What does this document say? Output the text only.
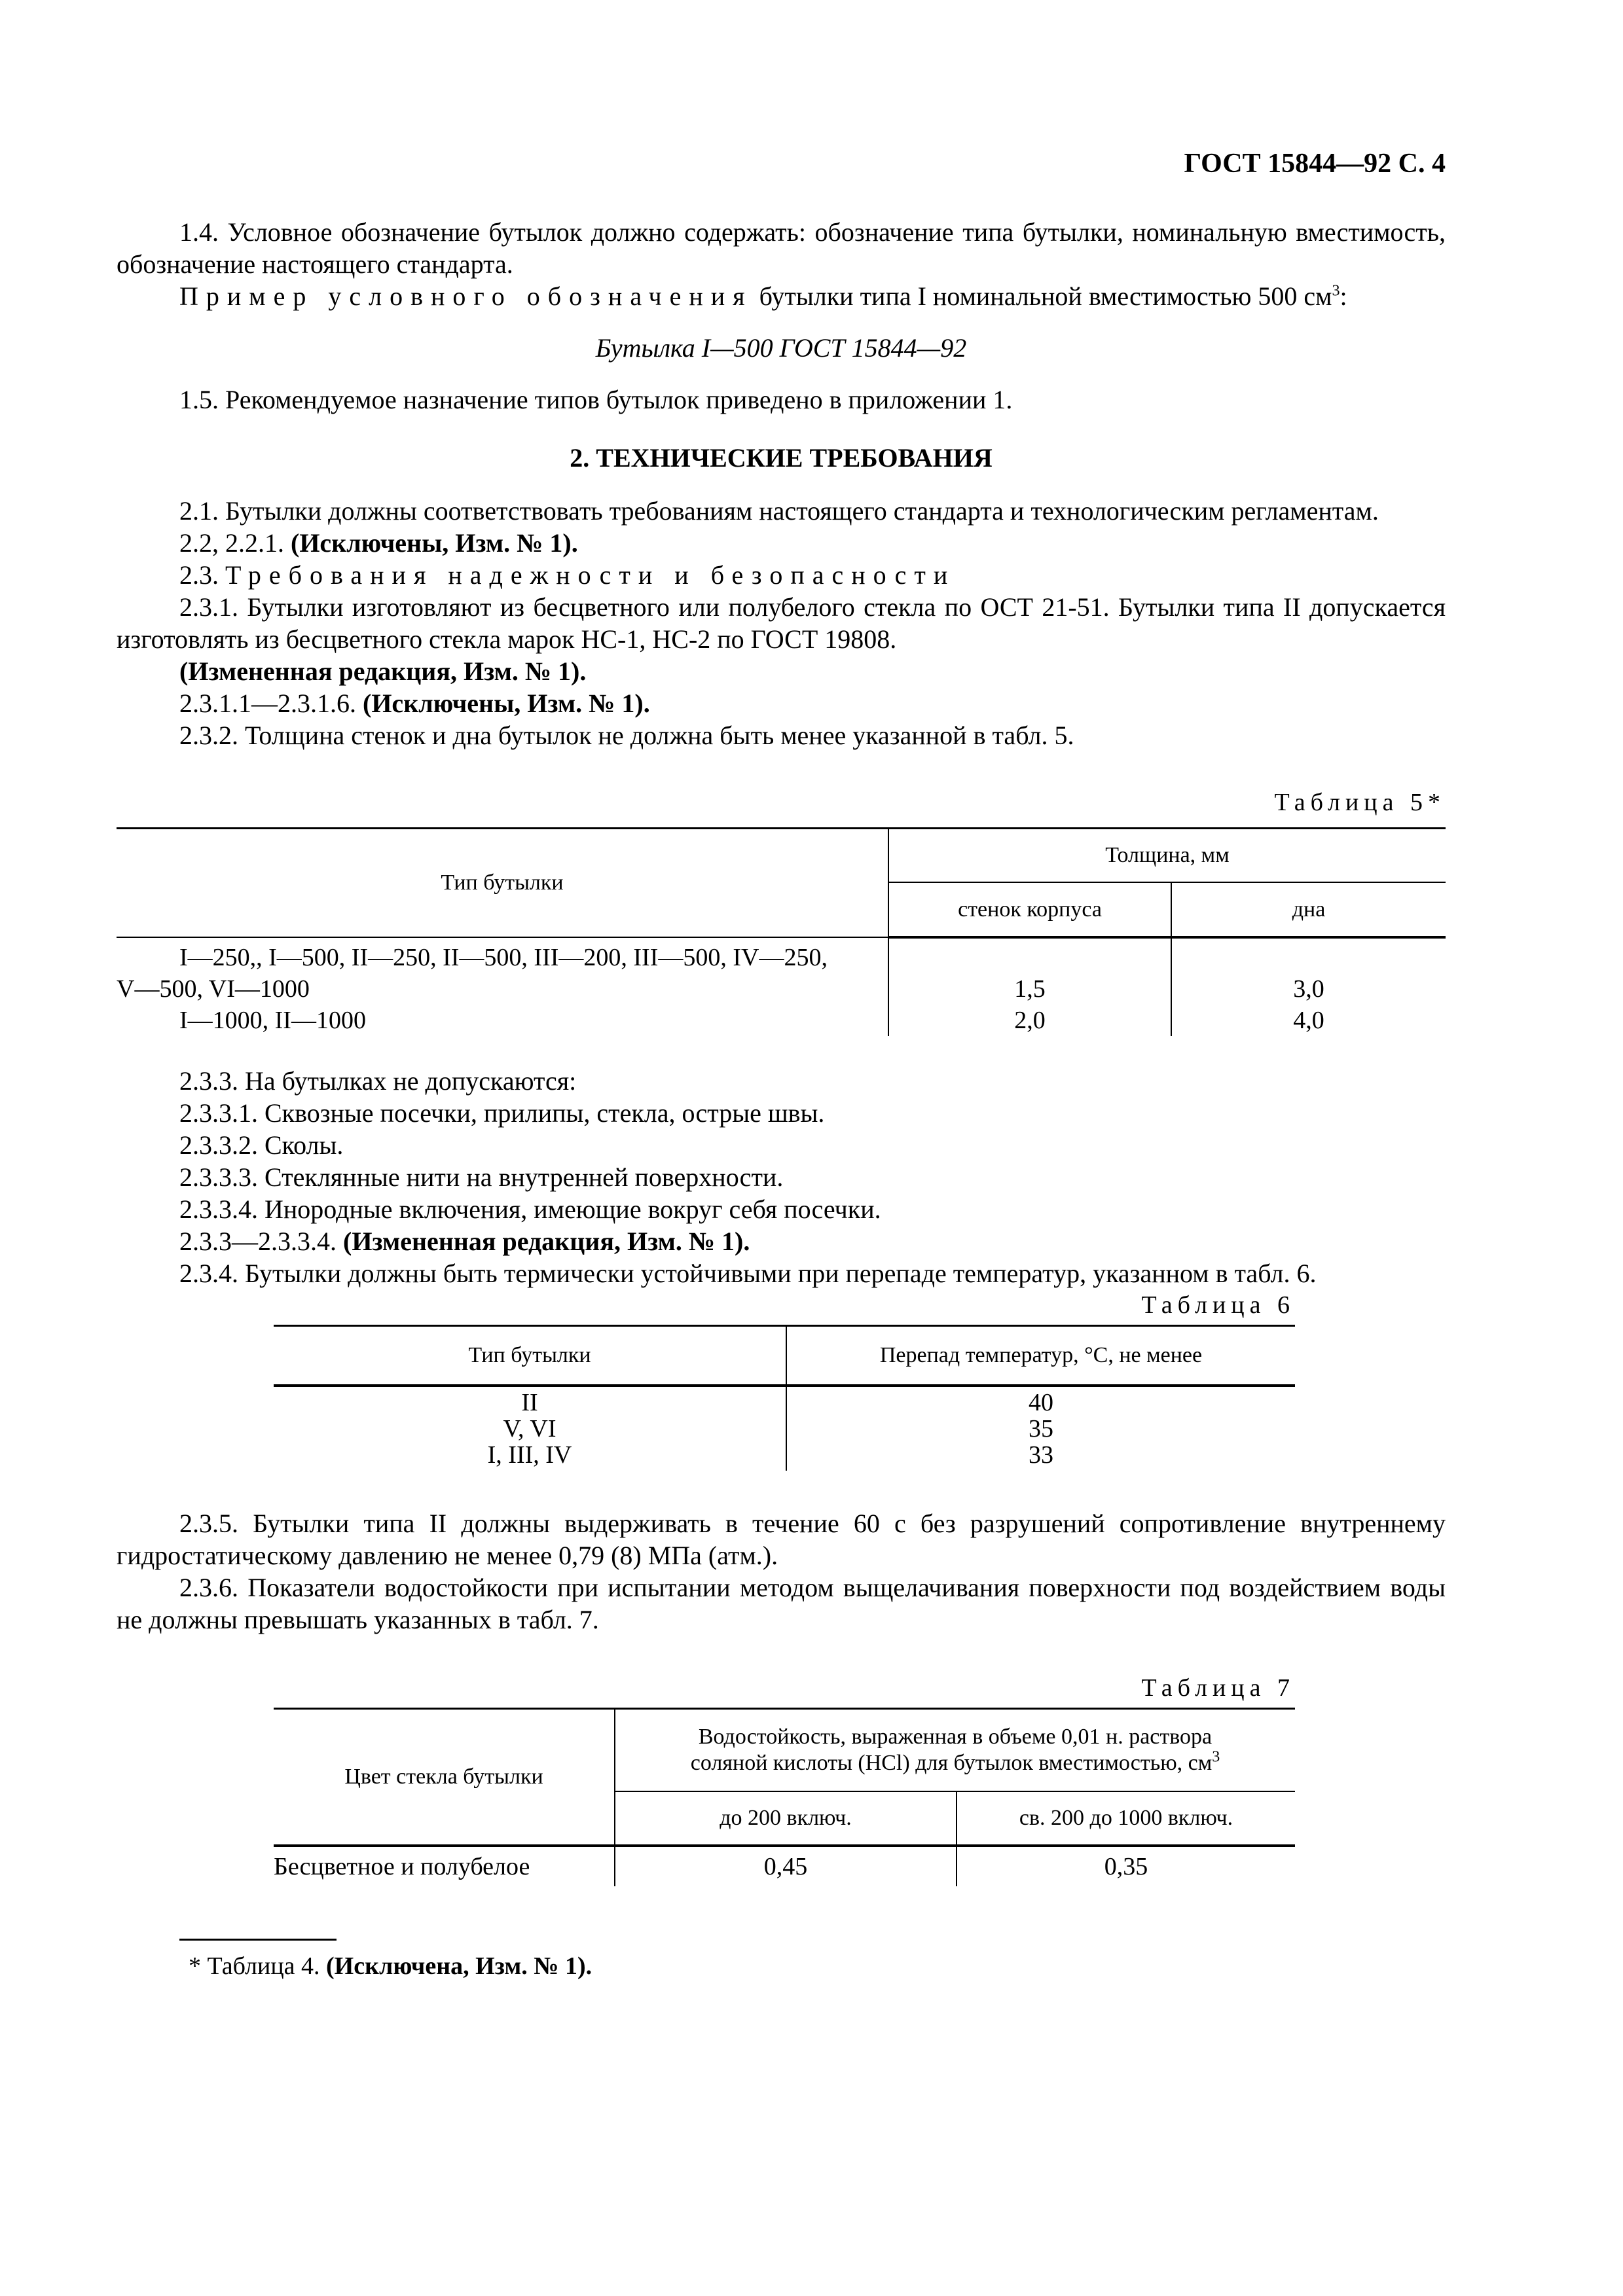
ГОСТ 15844—92 С. 4

1.4. Условное обозначение бутылок должно содержать: обозначение типа бутылки, номинальную вместимость, обозначение настоящего стандарта.

Пример условного обозначения бутылки типа I номинальной вместимостью 500 $см^3$:

Бутылка I—500 ГОСТ 15844—92

1.5. Рекомендуемое назначение типов бутылок приведено в приложении 1.

2. ТЕХНИЧЕСКИЕ ТРЕБОВАНИЯ

2.1. Бутылки должны соответствовать требованиям настоящего стандарта и технологическим регламентам.

2.2, 2.2.1. (Исключены, Изм. № 1).

2.3. Требования надежности и безопасности

2.3.1. Бутылки изготовляют из бесцветного или полубелого стекла по ОСТ 21-51. Бутылки типа II допускается изготовлять из бесцветного стекла марок НС-1, НС-2 по ГОСТ 19808.

(Измененная редакция, Изм. № 1).

2.3.1.1—2.3.1.6. (Исключены, Изм. № 1).

2.3.2. Толщина стенок и дна бутылок не должна быть менее указанной в табл. 5.

Таблица 5*
Тип бутылки	Толщина, мм	
	стенок корпуса	дна

I—250,, I—500, II—250, II—500, III—200, III—500, IV—250,
V—500, VI—1000	1,5	3,0
I—1000, II—1000	2,0	4,0

2.3.3. На бутылках не допускаются:

2.3.3.1. Сквозные посечки, прилипы, стекла, острые швы.

2.3.3.2. Сколы.

2.3.3.3. Стеклянные нити на внутренней поверхности.

2.3.3.4. Инородные включения, имеющие вокруг себя посечки.

2.3.3—2.3.3.4. (Измененная редакция, Изм. № 1).

2.3.4. Бутылки должны быть термически устойчивыми при перепаде температур, указанном в табл. 6.

Таблица 6
Тип бутылки	Перепад температур, °С, не менее
II	40
V, VI	35
I, III, IV	33

2.3.5. Бутылки типа II должны выдерживать в течение 60 с без разрушений сопротивление внутреннему гидростатическому давлению не менее 0,79 (8) МПа (атм.).

2.3.6. Показатели водостойкости при испытании методом выщелачивания поверхности под воздействием воды не должны превышать указанных в табл. 7.

Таблица 7
Цвет стекла бутылки	Водостойкость, выраженная в объеме 0,01 н. раствора
соляной кислоты (НСl) для бутылок вместимостью, $см^3$

	до 200 включ.	св. 200 до 1000 включ.
Бесцветное и полубелое	0,45	0,35

* Таблица 4. (Исключена, Изм. № 1).
